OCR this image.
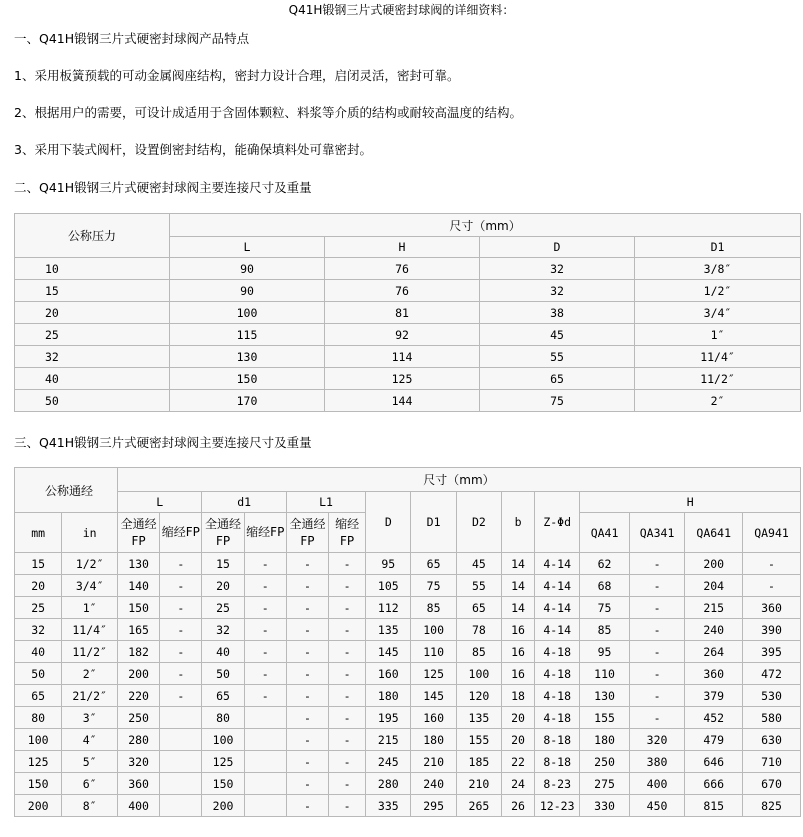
Q41H锻钢三片式硬密封球阀的详细资料：
一、Q41H锻钢三片式硬密封球阀产品特点
1、采用板簧预载的可动金属阀座结构，密封力设计合理，启闭灵活，密封可靠。
2、根据用户的需要，可设计成适用于含固体颗粒、料浆等介质的结构或耐较高温度的结构。
3、采用下装式阀杆，设置倒密封结构，能确保填料处可靠密封。
二、Q41H锻钢三片式硬密封球阀主要连接尺寸及重量
公称压力	尺寸（mm）			
	L	H	D	D1
10	90	76	32	3/8″
15	90	76	32	1/2″
20	100	81	38	3/4″
25	115	92	45	1″
32	130	114	55	11/4″
40	150	125	65	11/2″
50	170	144	75	2″
三、Q41H锻钢三片式硬密封球阀主要连接尺寸及重量
公称通经		尺寸（mm）														
		L		d1		L1		D	D1	D2	b	Z-Φd	H			
mm	in	全通经FP	缩经FP	全通经FP	缩经FP	全通经FP	缩经FP						QA41	QA341	QA641	QA941
15	1/2″	130	-	15	-	-	-	95	65	45	14	4-14	62	-	200	-
20	3/4″	140	-	20	-	-	-	105	75	55	14	4-14	68	-	204	-
25	1″	150	-	25	-	-	-	112	85	65	14	4-14	75	-	215	360
32	11/4″	165	-	32	-	-	-	135	100	78	16	4-14	85	-	240	390
40	11/2″	182	-	40	-	-	-	145	110	85	16	4-18	95	-	264	395
50	2″	200	-	50	-	-	-	160	125	100	16	4-18	110	-	360	472
65	21/2″	220	-	65	-	-	-	180	145	120	18	4-18	130	-	379	530
80	3″	250		80		-	-	195	160	135	20	4-18	155	-	452	580
100	4″	280		100		-	-	215	180	155	20	8-18	180	320	479	630
125	5″	320		125		-	-	245	210	185	22	8-18	250	380	646	710
150	6″	360		150		-	-	280	240	210	24	8-23	275	400	666	670
200	8″	400		200		-	-	335	295	265	26	12-23	330	450	815	825
